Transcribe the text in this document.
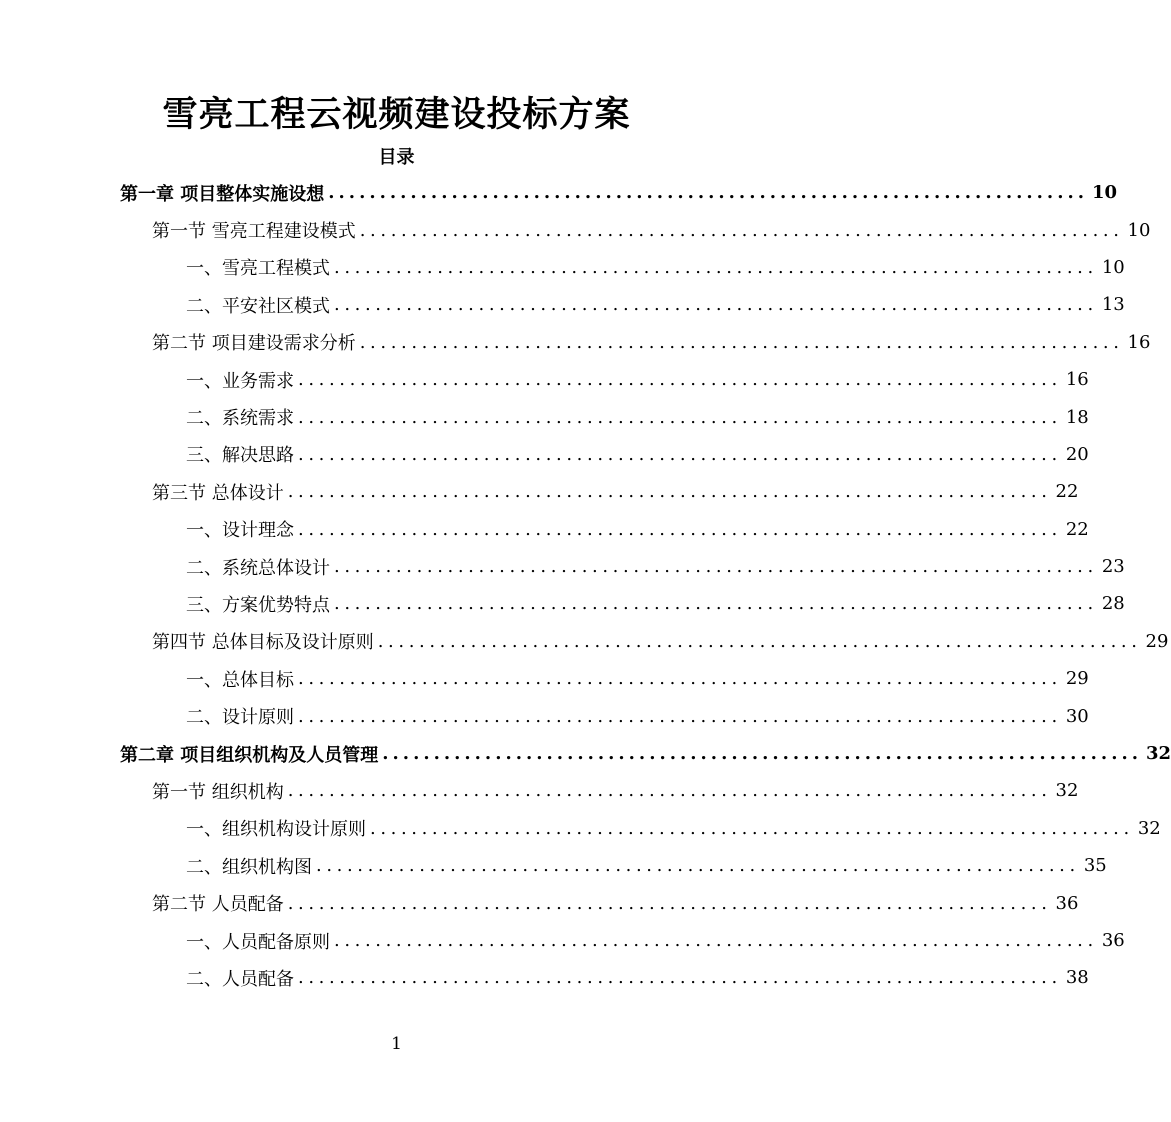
雪亮工程云视频建设投标方案
目录
第一章 项目整体实施设想 .......................................................................... 10
第一节 雪亮工程建设模式 .......................................................................... 10
一、雪亮工程模式 .......................................................................... 10
二、平安社区模式 .......................................................................... 13
第二节 项目建设需求分析 .......................................................................... 16
一、业务需求 .......................................................................... 16
二、系统需求 .......................................................................... 18
三、解决思路 .......................................................................... 20
第三节 总体设计 .......................................................................... 22
一、设计理念 .......................................................................... 22
二、系统总体设计 .......................................................................... 23
三、方案优势特点 .......................................................................... 28
第四节 总体目标及设计原则 .......................................................................... 29
一、总体目标 .......................................................................... 29
二、设计原则 .......................................................................... 30
第二章 项目组织机构及人员管理 .......................................................................... 32
第一节 组织机构 .......................................................................... 32
一、组织机构设计原则 .......................................................................... 32
二、组织机构图 .......................................................................... 35
第二节 人员配备 .......................................................................... 36
一、人员配备原则 .......................................................................... 36
二、人员配备 .......................................................................... 38
1
